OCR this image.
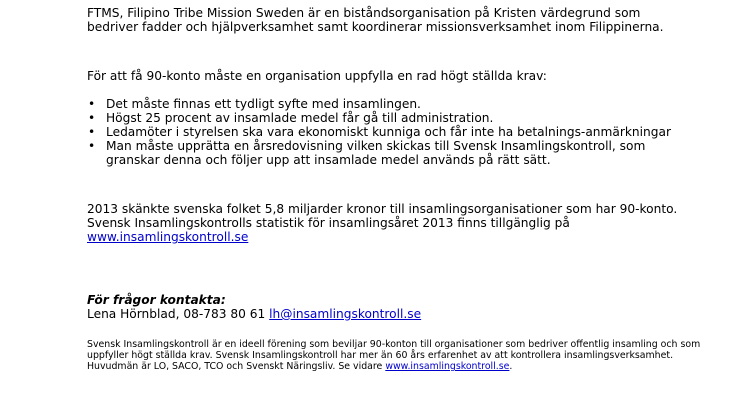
FTMS, Filipino Tribe Mission Sweden är en biståndsorganisation på Kristen värdegrund som bedriver fadder och hjälpverksamhet samt koordinerar missionsverksamhet inom Filippinerna.

För att få 90-konto måste en organisation uppfylla en rad högt ställda krav:

• Det måste finnas ett tydligt syfte med insamlingen.
• Högst 25 procent av insamlade medel får gå till administration.
• Ledamöter i styrelsen ska vara ekonomiskt kunniga och får inte ha betalnings-anmärkningar
• Man måste upprätta en årsredovisning vilken skickas till Svensk Insamlingskontroll, som granskar denna och följer upp att insamlade medel används på rätt sätt.

2013 skänkte svenska folket 5,8 miljarder kronor till insamlingsorganisationer som har 90-konto. Svensk Insamlingskontrolls statistik för insamlingsåret 2013 finns tillgänglig på
www.insamlingskontroll.se

För frågor kontakta:

Lena Hörnblad, 08-783 80 61 lh@insamlingskontroll.se

Svensk Insamlingskontroll är en ideell förening som beviljar 90-konton till organisationer som bedriver offentlig insamling och som uppfyller högt ställda krav. Svensk Insamlingskontroll har mer än 60 års erfarenhet av att kontrollera insamlingsverksamhet. Huvudmän är LO, SACO, TCO och Svenskt Näringsliv. Se vidare www.insamlingskontroll.se.
